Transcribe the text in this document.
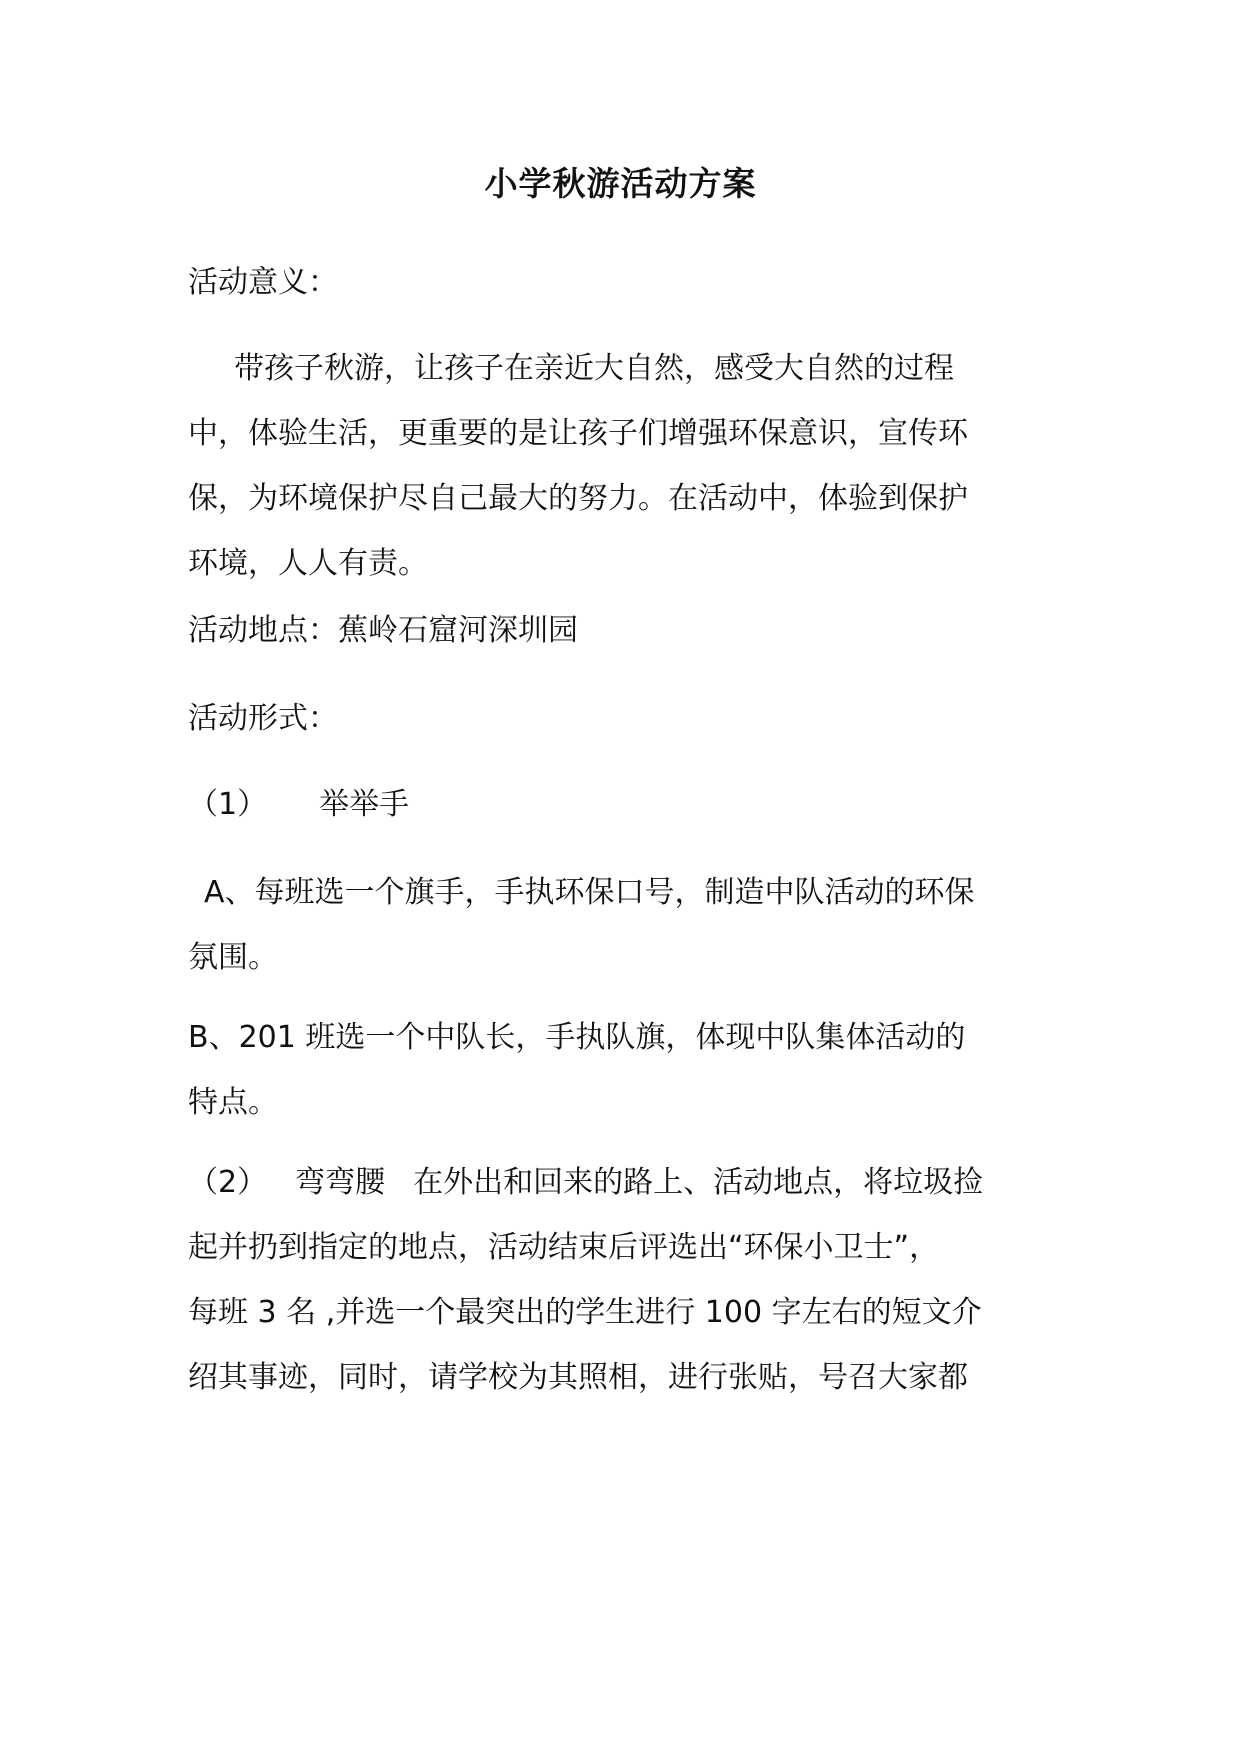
小学秋游活动方案

活动意义：

带孩子秋游，让孩子在亲近大自然，感受大自然的过程
中，体验生活，更重要的是让孩子们增强环保意识，宣传环
保，为环境保护尽自己最大的努力。在活动中，体验到保护
环境，人人有责。

活动地点：蕉岭石窟河深圳园

活动形式：

（1） 举举手

A、每班选一个旗手，手执环保口号，制造中队活动的环保
氛围。

B、201 班选一个中队长，手执队旗，体现中队集体活动的
特点。

（2） 弯弯腰 在外出和回来的路上、活动地点，将垃圾捡
起并扔到指定的地点，活动结束后评选出“环保小卫士”，
每班 3 名 ,并选一个最突出的学生进行 100 字左右的短文介
绍其事迹，同时，请学校为其照相，进行张贴，号召大家都
